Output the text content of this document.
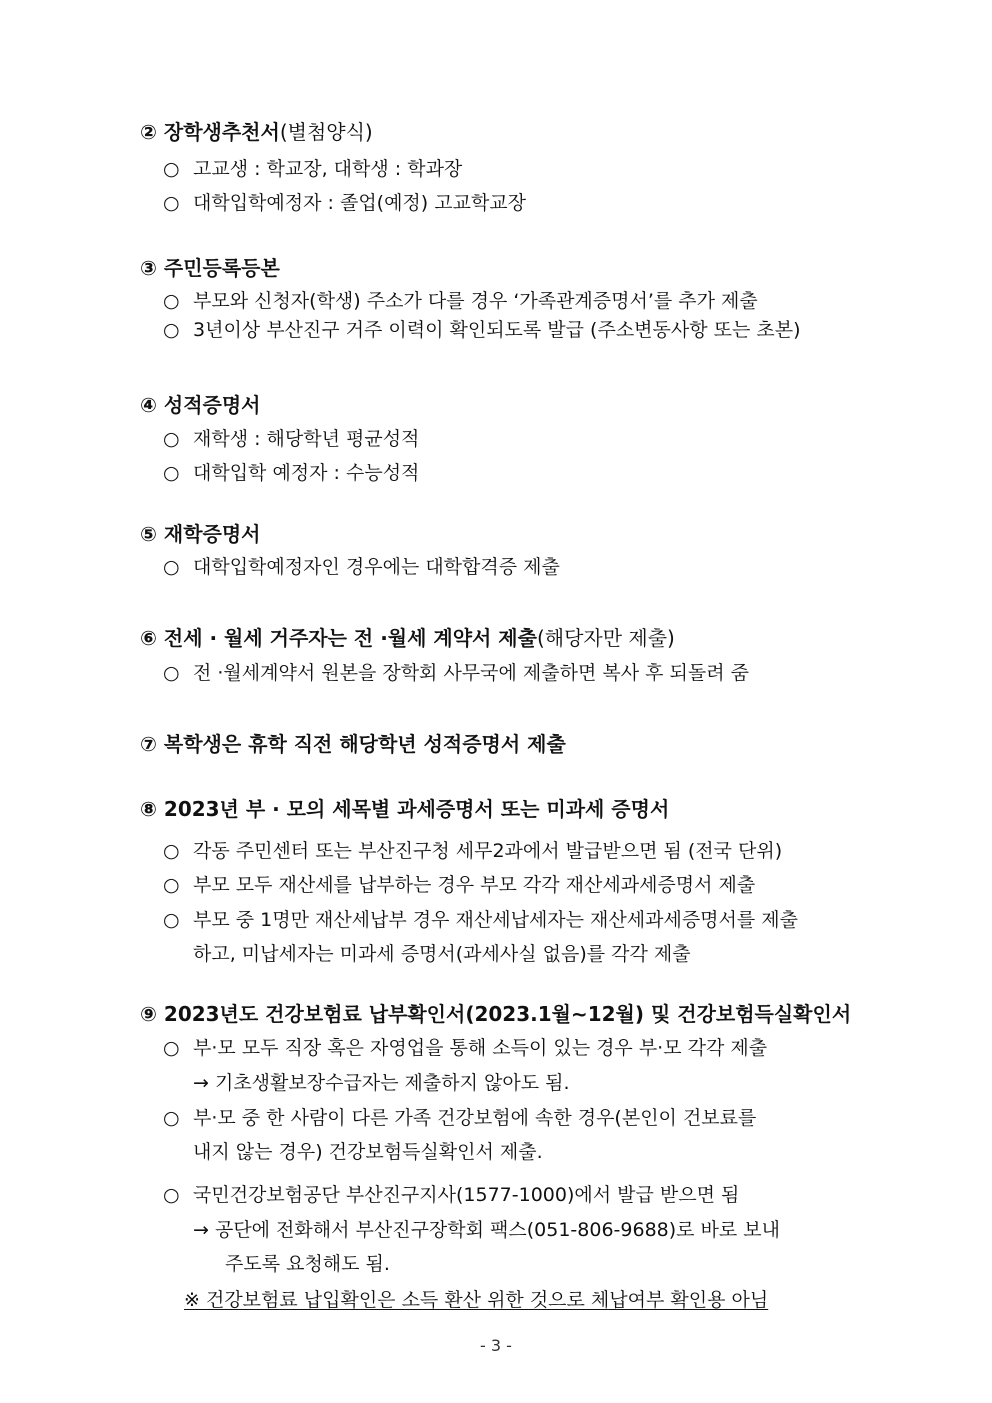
② 장학생추천서(별첨양식)
○ 고교생 : 학교장, 대학생 : 학과장
○ 대학입학예정자 : 졸업(예정) 고교학교장
③ 주민등록등본
○ 부모와 신청자(학생) 주소가 다를 경우 ‘가족관계증명서’를 추가 제출
○ 3년이상 부산진구 거주 이력이 확인되도록 발급 (주소변동사항 또는 초본)
④ 성적증명서
○ 재학생 : 해당학년 평균성적
○ 대학입학 예정자 : 수능성적
⑤ 재학증명서
○ 대학입학예정자인 경우에는 대학합격증 제출
⑥ 전세 · 월세 거주자는 전 ·월세 계약서 제출(해당자만 제출)
○ 전 ·월세계약서 원본을 장학회 사무국에 제출하면 복사 후 되돌려 줌
⑦ 복학생은 휴학 직전 해당학년 성적증명서 제출
⑧ 2023년 부 · 모의 세목별 과세증명서 또는 미과세 증명서
○ 각동 주민센터 또는 부산진구청 세무2과에서 발급받으면 됨 (전국 단위)
○ 부모 모두 재산세를 납부하는 경우 부모 각각 재산세과세증명서 제출
○ 부모 중 1명만 재산세납부 경우 재산세납세자는 재산세과세증명서를 제출
하고, 미납세자는 미과세 증명서(과세사실 없음)를 각각 제출
⑨ 2023년도 건강보험료 납부확인서(2023.1월∼12월) 및 건강보험득실확인서
○ 부·모 모두 직장 혹은 자영업을 통해 소득이 있는 경우 부·모 각각 제출
→ 기초생활보장수급자는 제출하지 않아도 됨.
○ 부·모 중 한 사람이 다른 가족 건강보험에 속한 경우(본인이 건보료를
내지 않는 경우) 건강보험득실확인서 제출.
○ 국민건강보험공단 부산진구지사(1577-1000)에서 발급 받으면 됨
→ 공단에 전화해서 부산진구장학회 팩스(051-806-9688)로 바로 보내
주도록 요청해도 됨.
※ 건강보험료 납입확인은 소득 환산 위한 것으로 체납여부 확인용 아님
- 3 -
